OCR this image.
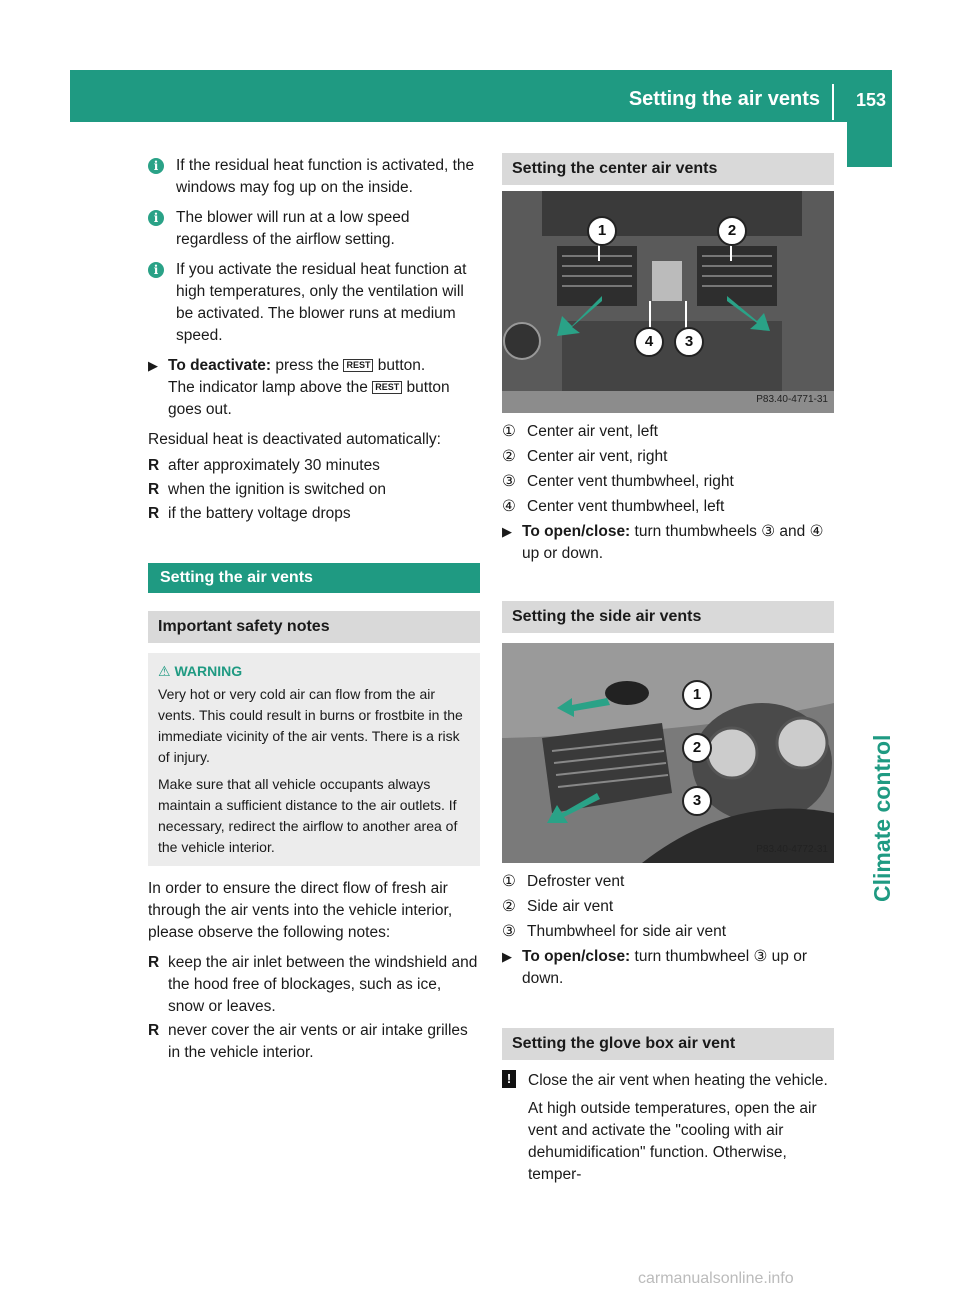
Setting the air vents 153
Climate control
i	If the residual heat function is activated, the windows may fog up on the inside.
i	The blower will run at a low speed regardless of the airflow setting.
i	If you activate the residual heat function at high temperatures, only the ventilation will be activated. The blower runs at medium speed.
▶ To deactivate: press the REST button.
The indicator lamp above the REST button goes out.

Residual heat is deactivated automatically:

R after approximately 30 minutes
R when the ignition is switched on
R if the battery voltage drops
Setting the air vents
Important safety notes
⚠ WARNING

Very hot or very cold air can flow from the air vents. This could result in burns or frostbite in the immediate vicinity of the air vents. There is a risk of injury.

Make sure that all vehicle occupants always maintain a sufficient distance to the air outlets. If necessary, redirect the airflow to another area of the vehicle interior.

In order to ensure the direct flow of fresh air through the air vents into the vehicle interior, please observe the following notes:

R keep the air inlet between the windshield and the hood free of blockages, such as ice, snow or leaves.
R never cover the air vents or air intake grilles in the vehicle interior.
Setting the center air vents
1	2
4	3
P83.40-4771-31
① Center air vent, left
② Center air vent, right
③ Center vent thumbwheel, right
④ Center vent thumbwheel, left
▶ To open/close: turn thumbwheels ③ and ④ up or down.
Setting the side air vents
1
2
3
P83.40-4772-31
① Defroster vent
② Side air vent
③ Thumbwheel for side air vent
▶ To open/close: turn thumbwheel ③ up or down.
Setting the glove box air vent
!	Close the air vent when heating the vehicle.

At high outside temperatures, open the air vent and activate the "cooling with air dehumidification" function. Otherwise, temper-

carmanualsonline.info
